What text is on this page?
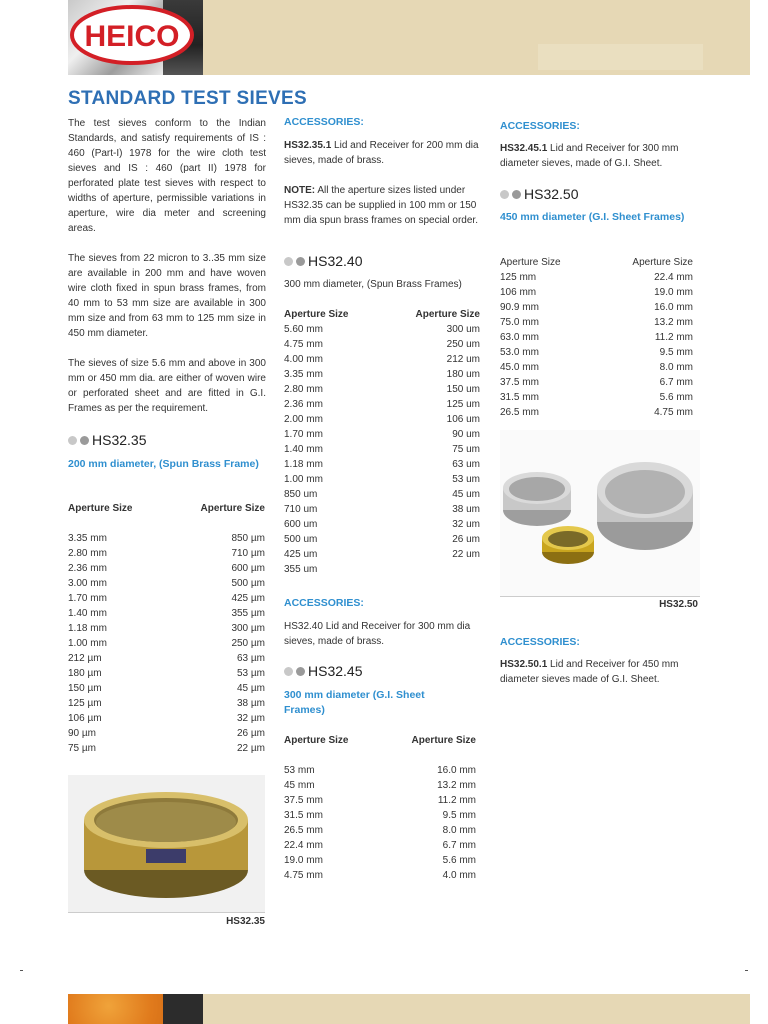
HEICO
STANDARD TEST SIEVES

The test sieves conform to the Indian Standards, and satisfy requirements of IS : 460 (Part-I) 1978 for the wire cloth test sieves and IS : 460 (part II) 1978 for perforated plate test sieves with respect to widths of aperture, permissible variations in aperture, wire dia meter and screening areas.

The sieves from 22 micron to 3..35 mm size are available in 200 mm and have woven wire cloth fixed in spun brass frames, from 40 mm to 53 mm size are available in 300 mm size and from 63 mm to 125 mm size in 450 mm diameter.

The sieves of size 5.6 mm and above in 300 mm or 450 mm dia. are either of woven wire or perforated sheet and are fitted in G.I. Frames as per the requirement.

HS32.35

200 mm diameter, (Spun Brass Frame)

Aperture Size	Aperture Size

3.35 mm	850 µm
2.80 mm	710 µm
2.36 mm	600 µm
3.00 mm	500 µm
1.70 mm	425 µm
1.40 mm	355 µm
1.18 mm	300 µm
1.00 mm	250 µm
212 µm	63 µm
180 µm	53 µm
150 µm	45 µm
125 µm	38 µm
106 µm	32 µm
90 µm	26 µm
75 µm	22 µm
HS32.35

ACCESSORIES:

HS32.35.1 Lid and Receiver for 200 mm dia sieves, made of brass.

NOTE: All the aperture sizes listed under HS32.35 can be supplied in 100 mm or 150 mm dia spun brass frames on special order.

HS32.40

300 mm diameter, (Spun Brass Frames)

Aperture Size	Aperture Size
5.60 mm	300 um
4.75 mm	250 um
4.00 mm	212 um
3.35 mm	180 um
2.80 mm	150 um
2.36 mm	125 um
2.00 mm	106 um
1.70 mm	90 um
1.40 mm	75 um
1.18 mm	63 um
1.00 mm	53 um
850 um	45 um
710 um	38 um
600 um	32 um
500 um	26 um
425 um	22 um
355 um	

ACCESSORIES:

HS32.40 Lid and Receiver for 300 mm dia sieves, made of brass.

HS32.45

300 mm diameter (G.I. Sheet Frames)

Aperture Size	Aperture Size

53 mm	16.0 mm
45 mm	13.2 mm
37.5 mm	11.2 mm
31.5 mm	9.5 mm
26.5 mm	8.0 mm
22.4 mm	6.7 mm
19.0 mm	5.6 mm
4.75 mm	4.0 mm

ACCESSORIES:

HS32.45.1 Lid and Receiver for 300 mm diameter sieves, made of G.I. Sheet.

HS32.50

450 mm diameter (G.I. Sheet Frames)

Aperture Size	Aperture Size
125 mm	22.4 mm
106 mm	19.0 mm
90.9 mm	16.0 mm
75.0 mm	13.2 mm
63.0 mm	11.2 mm
53.0 mm	9.5 mm
45.0 mm	8.0 mm
37.5 mm	6.7 mm
31.5 mm	5.6 mm
26.5 mm	4.75 mm
HS32.50

ACCESSORIES:

HS32.50.1 Lid and Receiver for 450 mm diameter sieves made of G.I. Sheet.
